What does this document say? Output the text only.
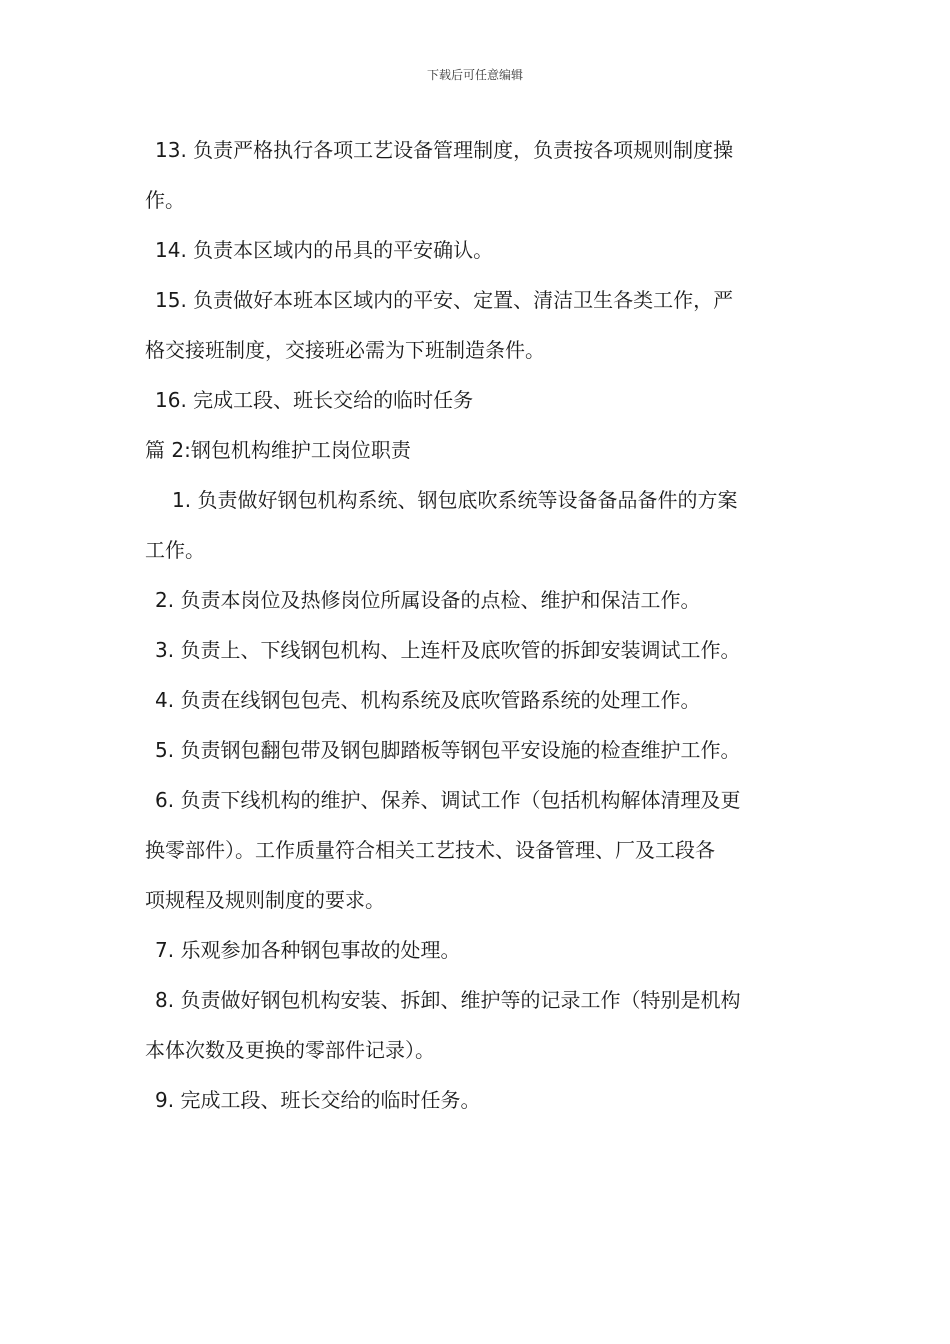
下载后可任意编辑
13. 负责严格执行各项工艺设备管理制度，负责按各项规则制度操
作。
14. 负责本区域内的吊具的平安确认。
15. 负责做好本班本区域内的平安、定置、清洁卫生各类工作，严
格交接班制度，交接班必需为下班制造条件。
16. 完成工段、班长交给的临时任务
篇 2:钢包机构维护工岗位职责
1. 负责做好钢包机构系统、钢包底吹系统等设备备品备件的方案
工作。
2. 负责本岗位及热修岗位所属设备的点检、维护和保洁工作。
3. 负责上、下线钢包机构、上连杆及底吹管的拆卸安装调试工作。
4. 负责在线钢包包壳、机构系统及底吹管路系统的处理工作。
5. 负责钢包翻包带及钢包脚踏板等钢包平安设施的检查维护工作。
6. 负责下线机构的维护、保养、调试工作（包括机构解体清理及更
换零部件）。工作质量符合相关工艺技术、设备管理、厂及工段各
项规程及规则制度的要求。
7. 乐观参加各种钢包事故的处理。
8. 负责做好钢包机构安装、拆卸、维护等的记录工作（特别是机构
本体次数及更换的零部件记录）。
9. 完成工段、班长交给的临时任务。
